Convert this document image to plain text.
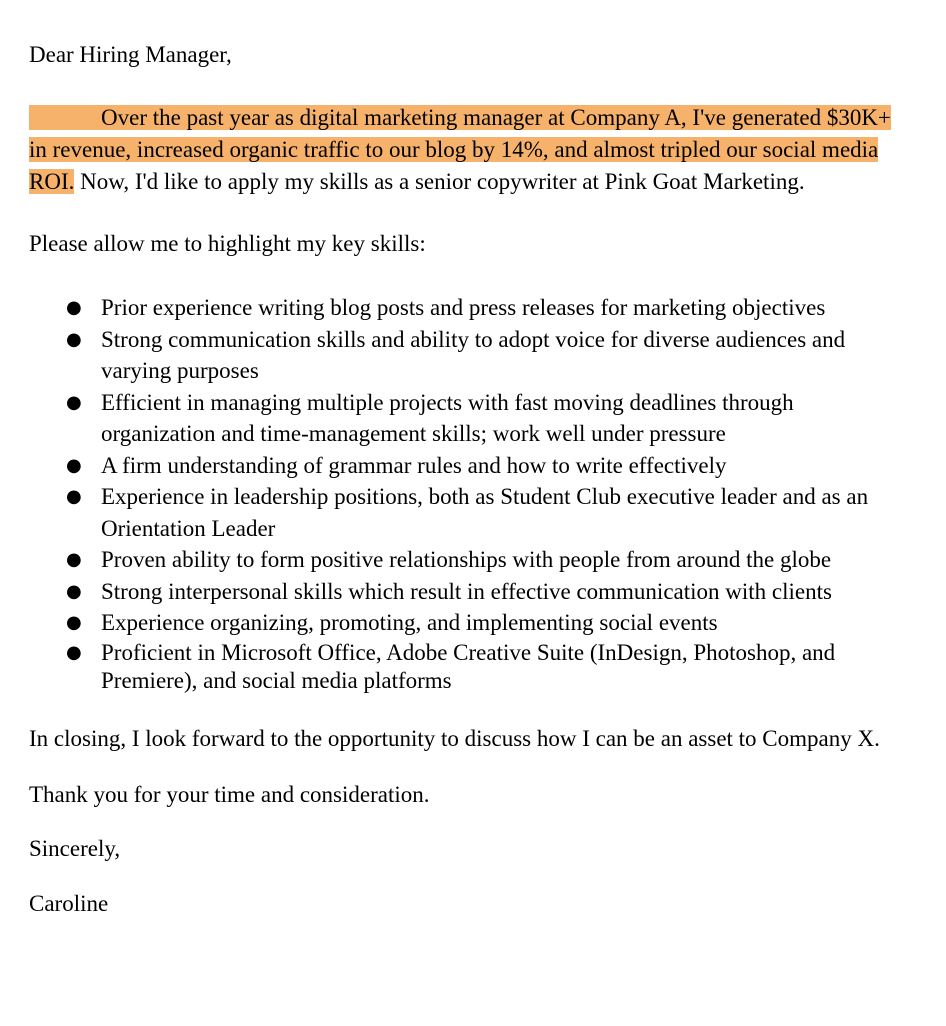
Dear Hiring Manager,

Over the past year as digital marketing manager at Company A, I've generated $30K+ in revenue, increased organic traffic to our blog by 14%, and almost tripled our social media ROI. Now, I'd like to apply my skills as a senior copywriter at Pink Goat Marketing.

Please allow me to highlight my key skills:

● Prior experience writing blog posts and press releases for marketing objectives
● Strong communication skills and ability to adopt voice for diverse audiences and varying purposes
● Efficient in managing multiple projects with fast moving deadlines through organization and time-management skills; work well under pressure
● A firm understanding of grammar rules and how to write effectively
● Experience in leadership positions, both as Student Club executive leader and as an Orientation Leader
● Proven ability to form positive relationships with people from around the globe
● Strong interpersonal skills which result in effective communication with clients
● Experience organizing, promoting, and implementing social events
● Proficient in Microsoft Office, Adobe Creative Suite (InDesign, Photoshop, and Premiere), and social media platforms

In closing, I look forward to the opportunity to discuss how I can be an asset to Company X.

Thank you for your time and consideration.

Sincerely,

Caroline
